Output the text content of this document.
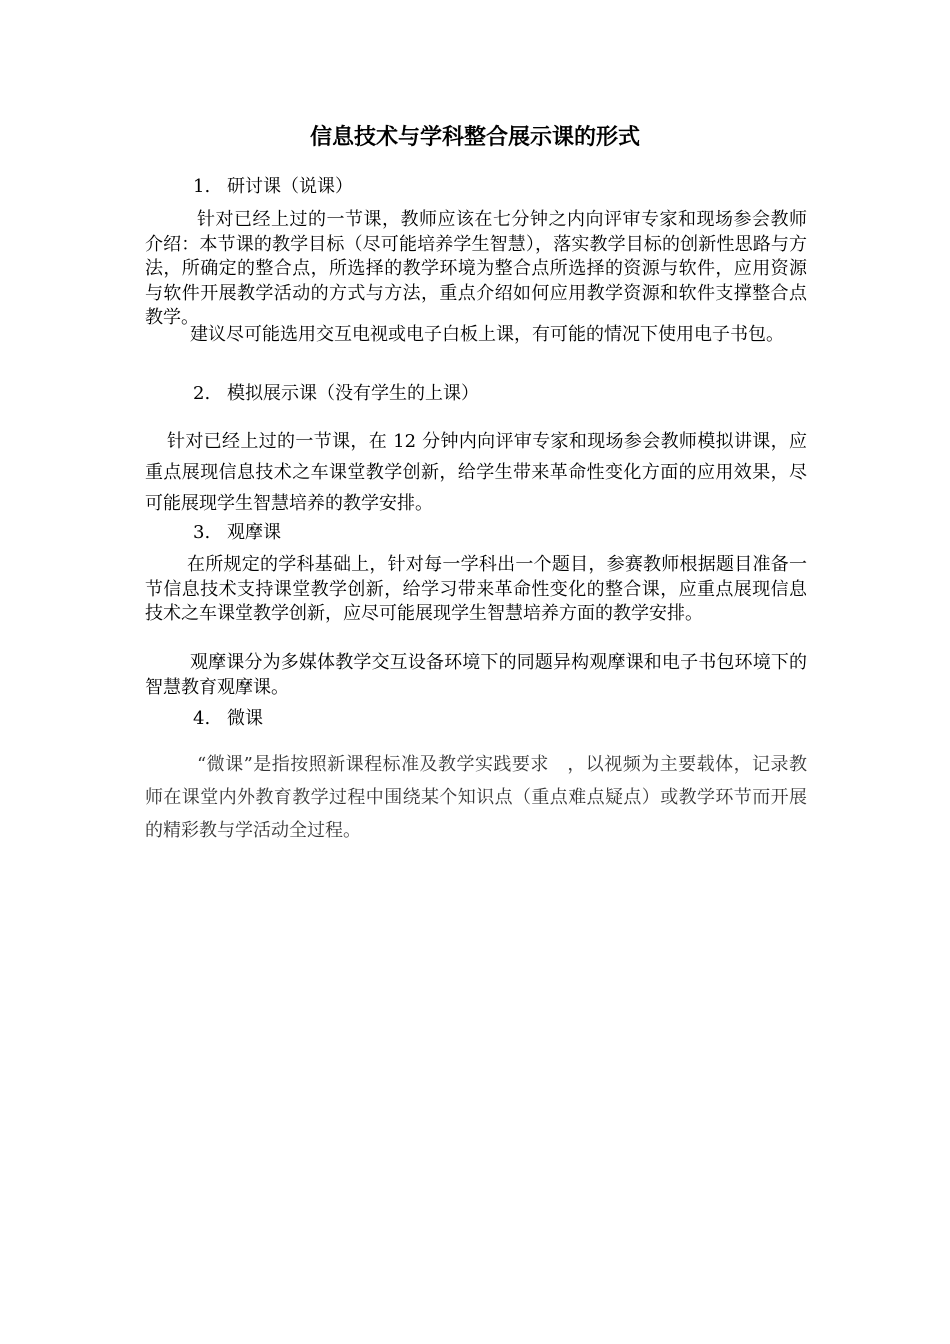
信息技术与学科整合展示课的形式
1. 研讨课（说课）
针对已经上过的一节课，教师应该在七分钟之内向评审专家和现场参会教师介绍：本节课的教学目标（尽可能培养学生智慧），落实教学目标的创新性思路与方法，所确定的整合点，所选择的教学环境为整合点所选择的资源与软件，应用资源与软件开展教学活动的方式与方法，重点介绍如何应用教学资源和软件支撑整合点教学。
建议尽可能选用交互电视或电子白板上课，有可能的情况下使用电子书包。
2. 模拟展示课（没有学生的上课）
针对已经上过的一节课，在 12 分钟内向评审专家和现场参会教师模拟讲课，应重点展现信息技术之车课堂教学创新，给学生带来革命性变化方面的应用效果，尽可能展现学生智慧培养的教学安排。
3. 观摩课
在所规定的学科基础上，针对每一学科出一个题目，参赛教师根据题目准备一节信息技术支持课堂教学创新，给学习带来革命性变化的整合课，应重点展现信息技术之车课堂教学创新，应尽可能展现学生智慧培养方面的教学安排。
观摩课分为多媒体教学交互设备环境下的同题异构观摩课和电子书包环境下的智慧教育观摩课。
4. 微课
“微课”是指按照新课程标准及教学实践要求　，以视频为主要载体，记录教师在课堂内外教育教学过程中围绕某个知识点（重点难点疑点）或教学环节而开展的精彩教与学活动全过程。
